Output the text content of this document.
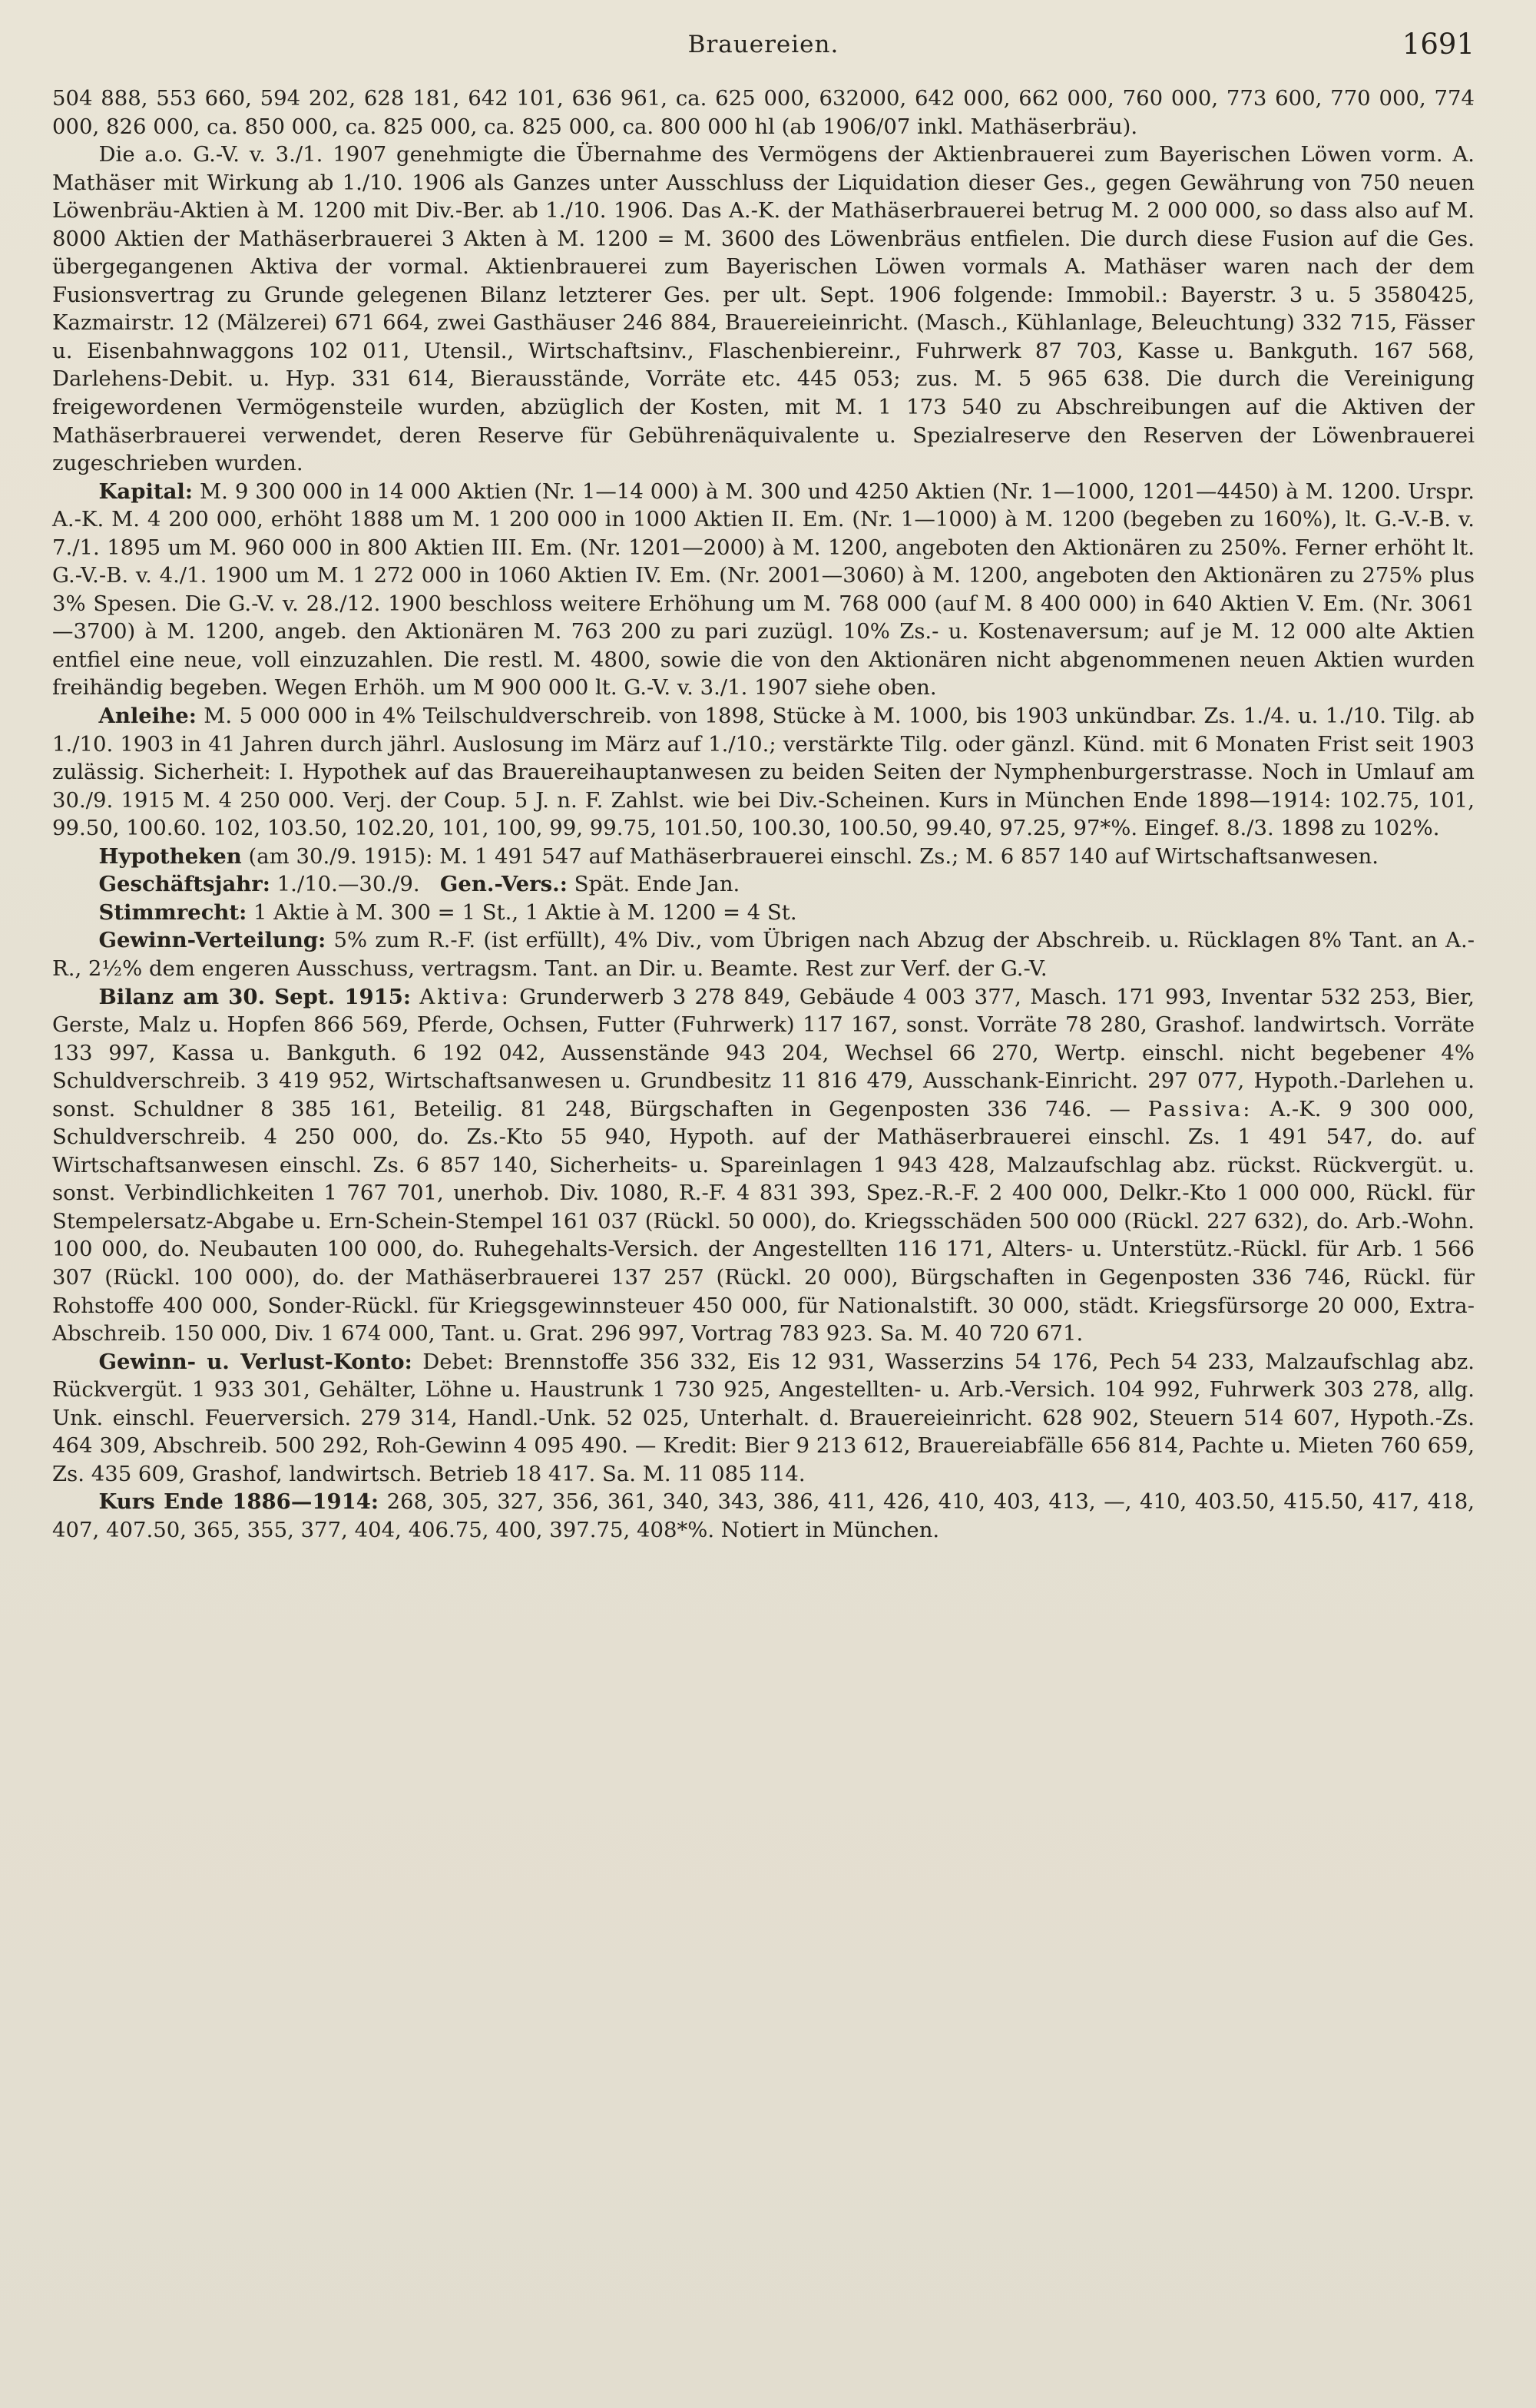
Brauereien.	1691

504 888, 553 660, 594 202, 628 181, 642 101, 636 961, ca. 625 000, 632000, 642 000, 662 000, 760 000, 773 600, 770 000, 774 000, 826 000, ca. 850 000, ca. 825 000, ca. 825 000, ca. 800 000 hl (ab 1906/07 inkl. Mathäserbräu).

Die a.o. G.-V. v. 3./1. 1907 genehmigte die Übernahme des Vermögens der Aktienbrauerei zum Bayerischen Löwen vorm. A. Mathäser mit Wirkung ab 1./10. 1906 als Ganzes unter Ausschluss der Liquidation dieser Ges., gegen Gewährung von 750 neuen Löwenbräu-Aktien à M. 1200 mit Div.-Ber. ab 1./10. 1906. Das A.-K. der Mathäserbrauerei betrug M. 2 000 000, so dass also auf M. 8000 Aktien der Mathäserbrauerei 3 Akten à M. 1200 = M. 3600 des Löwenbräus entfielen. Die durch diese Fusion auf die Ges. übergegangenen Aktiva der vormal. Aktienbrauerei zum Bayerischen Löwen vormals A. Mathäser waren nach der dem Fusionsvertrag zu Grunde gelegenen Bilanz letzterer Ges. per ult. Sept. 1906 folgende: Immobil.: Bayerstr. 3 u. 5 3580425, Kazmairstr. 12 (Mälzerei) 671 664, zwei Gasthäuser 246 884, Brauereieinricht. (Masch., Kühlanlage, Beleuchtung) 332 715, Fässer u. Eisenbahnwaggons 102 011, Utensil., Wirtschaftsinv., Flaschenbiereinr., Fuhrwerk 87 703, Kasse u. Bankguth. 167 568, Darlehens-Debit. u. Hyp. 331 614, Bierausstände, Vorräte etc. 445 053; zus. M. 5 965 638. Die durch die Vereinigung freigewordenen Vermögensteile wurden, abzüglich der Kosten, mit M. 1 173 540 zu Abschreibungen auf die Aktiven der Mathäserbrauerei verwendet, deren Reserve für Gebührenäquivalente u. Spezialreserve den Reserven der Löwenbrauerei zugeschrieben wurden.

Kapital: M. 9 300 000 in 14 000 Aktien (Nr. 1—14 000) à M. 300 und 4250 Aktien (Nr. 1—1000, 1201—4450) à M. 1200. Urspr. A.-K. M. 4 200 000, erhöht 1888 um M. 1 200 000 in 1000 Aktien II. Em. (Nr. 1—1000) à M. 1200 (begeben zu 160%), lt. G.-V.-B. v. 7./1. 1895 um M. 960 000 in 800 Aktien III. Em. (Nr. 1201—2000) à M. 1200, angeboten den Aktionären zu 250%. Ferner erhöht lt. G.-V.-B. v. 4./1. 1900 um M. 1 272 000 in 1060 Aktien IV. Em. (Nr. 2001—3060) à M. 1200, angeboten den Aktionären zu 275% plus 3% Spesen. Die G.-V. v. 28./12. 1900 beschloss weitere Erhöhung um M. 768 000 (auf M. 8 400 000) in 640 Aktien V. Em. (Nr. 3061—3700) à M. 1200, angeb. den Aktionären M. 763 200 zu pari zuzügl. 10% Zs.- u. Kostenaversum; auf je M. 12 000 alte Aktien entfiel eine neue, voll einzuzahlen. Die restl. M. 4800, sowie die von den Aktionären nicht abgenommenen neuen Aktien wurden freihändig begeben. Wegen Erhöh. um M 900 000 lt. G.-V. v. 3./1. 1907 siehe oben.

Anleihe: M. 5 000 000 in 4% Teilschuldverschreib. von 1898, Stücke à M. 1000, bis 1903 unkündbar. Zs. 1./4. u. 1./10. Tilg. ab 1./10. 1903 in 41 Jahren durch jährl. Auslosung im März auf 1./10.; verstärkte Tilg. oder gänzl. Künd. mit 6 Monaten Frist seit 1903 zulässig. Sicherheit: I. Hypothek auf das Brauereihauptanwesen zu beiden Seiten der Nymphenburgerstrasse. Noch in Umlauf am 30./9. 1915 M. 4 250 000. Verj. der Coup. 5 J. n. F. Zahlst. wie bei Div.-Scheinen. Kurs in München Ende 1898—1914: 102.75, 101, 99.50, 100.60. 102, 103.50, 102.20, 101, 100, 99, 99.75, 101.50, 100.30, 100.50, 99.40, 97.25, 97*%. Eingef. 8./3. 1898 zu 102%.

Hypotheken (am 30./9. 1915): M. 1 491 547 auf Mathäserbrauerei einschl. Zs.; M. 6 857 140 auf Wirtschaftsanwesen.

Geschäftsjahr: 1./10.—30./9. Gen.-Vers.: Spät. Ende Jan.

Stimmrecht: 1 Aktie à M. 300 = 1 St., 1 Aktie à M. 1200 = 4 St.

Gewinn-Verteilung: 5% zum R.-F. (ist erfüllt), 4% Div., vom Übrigen nach Abzug der Abschreib. u. Rücklagen 8% Tant. an A.-R., 2½% dem engeren Ausschuss, vertragsm. Tant. an Dir. u. Beamte. Rest zur Verf. der G.-V.

Bilanz am 30. Sept. 1915: Aktiva: Grunderwerb 3 278 849, Gebäude 4 003 377, Masch. 171 993, Inventar 532 253, Bier, Gerste, Malz u. Hopfen 866 569, Pferde, Ochsen, Futter (Fuhrwerk) 117 167, sonst. Vorräte 78 280, Grashof. landwirtsch. Vorräte 133 997, Kassa u. Bankguth. 6 192 042, Aussenstände 943 204, Wechsel 66 270, Wertp. einschl. nicht begebener 4% Schuldverschreib. 3 419 952, Wirtschaftsanwesen u. Grundbesitz 11 816 479, Ausschank-Einricht. 297 077, Hypoth.-Darlehen u. sonst. Schuldner 8 385 161, Beteilig. 81 248, Bürgschaften in Gegenposten 336 746. — Passiva: A.-K. 9 300 000, Schuldverschreib. 4 250 000, do. Zs.-Kto 55 940, Hypoth. auf der Mathäserbrauerei einschl. Zs. 1 491 547, do. auf Wirtschaftsanwesen einschl. Zs. 6 857 140, Sicherheits- u. Spareinlagen 1 943 428, Malzaufschlag abz. rückst. Rückvergüt. u. sonst. Verbindlichkeiten 1 767 701, unerhob. Div. 1080, R.-F. 4 831 393, Spez.-R.-F. 2 400 000, Delkr.-Kto 1 000 000, Rückl. für Stempelersatz-Abgabe u. Ern-Schein-Stempel 161 037 (Rückl. 50 000), do. Kriegsschäden 500 000 (Rückl. 227 632), do. Arb.-Wohn. 100 000, do. Neubauten 100 000, do. Ruhegehalts-Versich. der Angestellten 116 171, Alters- u. Unterstütz.-Rückl. für Arb. 1 566 307 (Rückl. 100 000), do. der Mathäserbrauerei 137 257 (Rückl. 20 000), Bürgschaften in Gegenposten 336 746, Rückl. für Rohstoffe 400 000, Sonder-Rückl. für Kriegsgewinnsteuer 450 000, für Nationalstift. 30 000, städt. Kriegsfürsorge 20 000, Extra-Abschreib. 150 000, Div. 1 674 000, Tant. u. Grat. 296 997, Vortrag 783 923. Sa. M. 40 720 671.

Gewinn- u. Verlust-Konto: Debet: Brennstoffe 356 332, Eis 12 931, Wasserzins 54 176, Pech 54 233, Malzaufschlag abz. Rückvergüt. 1 933 301, Gehälter, Löhne u. Haustrunk 1 730 925, Angestellten- u. Arb.-Versich. 104 992, Fuhrwerk 303 278, allg. Unk. einschl. Feuerversich. 279 314, Handl.-Unk. 52 025, Unterhalt. d. Brauereieinricht. 628 902, Steuern 514 607, Hypoth.-Zs. 464 309, Abschreib. 500 292, Roh-Gewinn 4 095 490. — Kredit: Bier 9 213 612, Brauereiabfälle 656 814, Pachte u. Mieten 760 659, Zs. 435 609, Grashof, landwirtsch. Betrieb 18 417. Sa. M. 11 085 114.

Kurs Ende 1886—1914: 268, 305, 327, 356, 361, 340, 343, 386, 411, 426, 410, 403, 413, —, 410, 403.50, 415.50, 417, 418, 407, 407.50, 365, 355, 377, 404, 406.75, 400, 397.75, 408*%. Notiert in München.
